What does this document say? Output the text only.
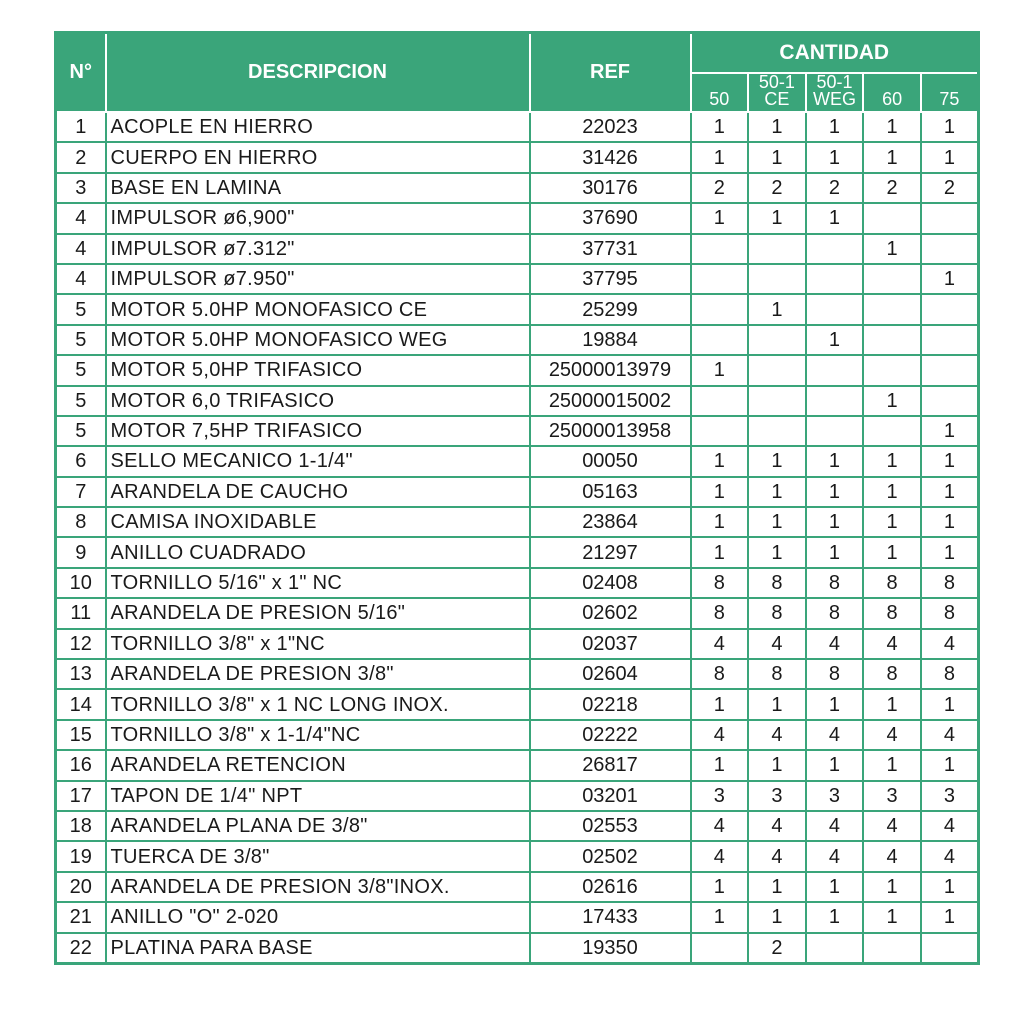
N°	DESCRIPCION	REF	CANTIDAD				
			50	50-1 CE	50-1 WEG	60	75
1	ACOPLE EN HIERRO	22023	1	1	1	1	1
2	CUERPO EN HIERRO	31426	1	1	1	1	1
3	BASE EN LAMINA	30176	2	2	2	2	2
4	IMPULSOR ø6,900"	37690	1	1	1		
4	IMPULSOR ø7.312"	37731				1	
4	IMPULSOR ø7.950"	37795					1
5	MOTOR 5.0HP MONOFASICO CE	25299		1			
5	MOTOR 5.0HP MONOFASICO WEG	19884			1		
5	MOTOR 5,0HP TRIFASICO	25000013979	1				
5	MOTOR 6,0 TRIFASICO	25000015002				1	
5	MOTOR 7,5HP TRIFASICO	25000013958					1
6	SELLO MECANICO 1-1/4"	00050	1	1	1	1	1
7	ARANDELA DE CAUCHO	05163	1	1	1	1	1
8	CAMISA INOXIDABLE	23864	1	1	1	1	1
9	ANILLO CUADRADO	21297	1	1	1	1	1
10	TORNILLO 5/16" x 1" NC	02408	8	8	8	8	8
11	ARANDELA DE PRESION 5/16"	02602	8	8	8	8	8
12	TORNILLO 3/8" x 1"NC	02037	4	4	4	4	4
13	ARANDELA DE PRESION 3/8"	02604	8	8	8	8	8
14	TORNILLO 3/8" x 1 NC LONG INOX.	02218	1	1	1	1	1
15	TORNILLO 3/8" x 1-1/4"NC	02222	4	4	4	4	4
16	ARANDELA RETENCION	26817	1	1	1	1	1
17	TAPON DE 1/4" NPT	03201	3	3	3	3	3
18	ARANDELA PLANA DE 3/8"	02553	4	4	4	4	4
19	TUERCA DE 3/8"	02502	4	4	4	4	4
20	ARANDELA DE PRESION 3/8"INOX.	02616	1	1	1	1	1
21	ANILLO "O" 2-020	17433	1	1	1	1	1
22	PLATINA PARA BASE	19350		2			
